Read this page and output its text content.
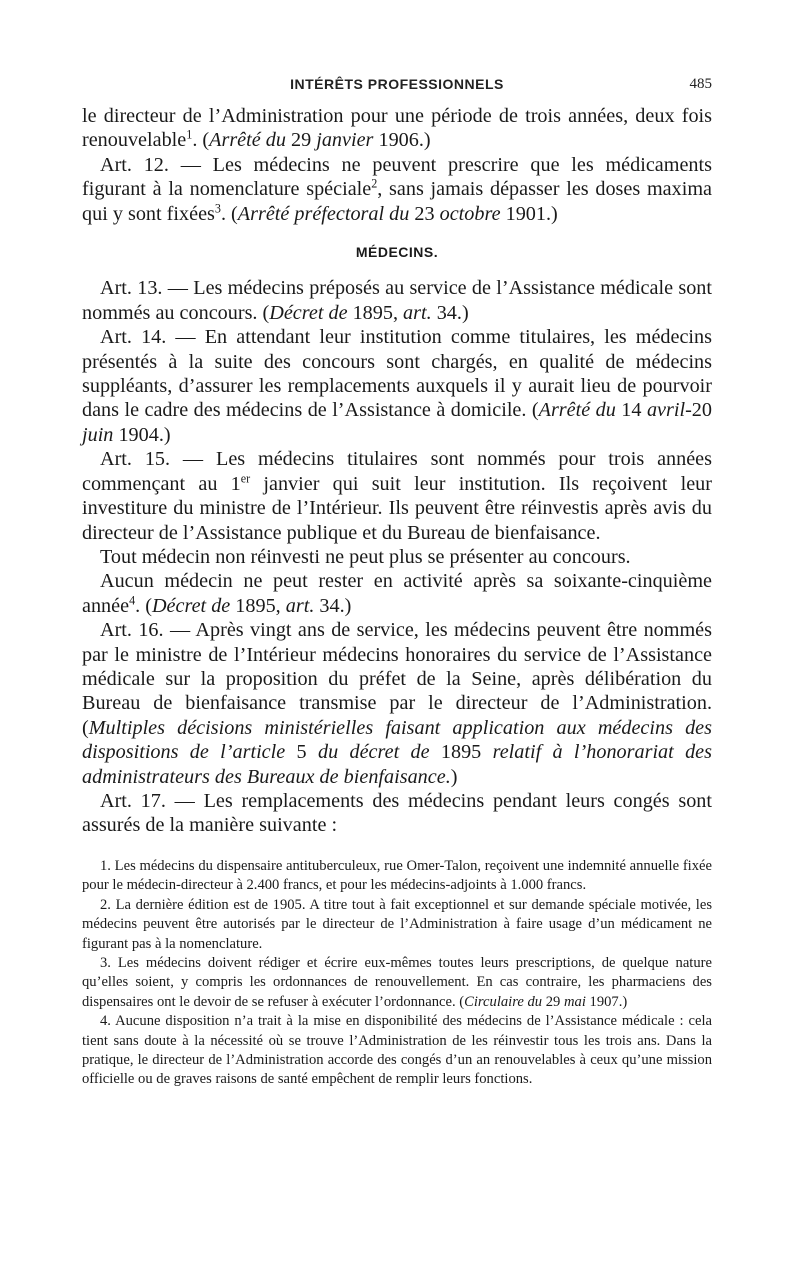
INTÉRÊTS PROFESSIONNELS	485

le directeur de l’Administration pour une période de trois années, deux fois renouvelable$^1$. (Arrêté du 29 janvier 1906.)

Art. 12. — Les médecins ne peuvent prescrire que les médicaments figurant à la nomenclature spéciale$^2$, sans jamais dépasser les doses maxima qui y sont fixées$^3$. (Arrêté préfectoral du 23 octobre 1901.)

MÉDECINS.

Art. 13. — Les médecins préposés au service de l’Assistance médicale sont nommés au concours. (Décret de 1895, art. 34.)

Art. 14. — En attendant leur institution comme titulaires, les médecins présentés à la suite des concours sont chargés, en qualité de médecins suppléants, d’assurer les remplacements auxquels il y aurait lieu de pourvoir dans le cadre des médecins de l’Assistance à domicile. (Arrêté du 14 avril-20 juin 1904.)

Art. 15. — Les médecins titulaires sont nommés pour trois années commençant au 1er janvier qui suit leur institution. Ils reçoivent leur investiture du ministre de l’Intérieur. Ils peuvent être réinvestis après avis du directeur de l’Assistance publique et du Bureau de bienfaisance.

Tout médecin non réinvesti ne peut plus se présenter au concours.

Aucun médecin ne peut rester en activité après sa soixante-cinquième année$^4$. (Décret de 1895, art. 34.)

Art. 16. — Après vingt ans de service, les médecins peuvent être nommés par le ministre de l’Intérieur médecins honoraires du service de l’Assistance médicale sur la proposition du préfet de la Seine, après délibération du Bureau de bienfaisance transmise par le directeur de l’Administration. (Multiples décisions ministérielles faisant application aux médecins des dispositions de l’article 5 du décret de 1895 relatif à l’honorariat des administrateurs des Bureaux de bienfaisance.)

Art. 17. — Les remplacements des médecins pendant leurs congés sont assurés de la manière suivante :

1. Les médecins du dispensaire antituberculeux, rue Omer-Talon, reçoivent une indemnité annuelle fixée pour le médecin-directeur à 2.400 francs, et pour les médecins-adjoints à 1.000 francs.

2. La dernière édition est de 1905. A titre tout à fait exceptionnel et sur demande spéciale motivée, les médecins peuvent être autorisés par le directeur de l’Administration à faire usage d’un médicament ne figurant pas à la nomenclature.

3. Les médecins doivent rédiger et écrire eux-mêmes toutes leurs prescriptions, de quelque nature qu’elles soient, y compris les ordonnances de renouvellement. En cas contraire, les pharmaciens des dispensaires ont le devoir de se refuser à exécuter l’ordonnance. (Circulaire du 29 mai 1907.)

4. Aucune disposition n’a trait à la mise en disponibilité des médecins de l’Assistance médicale : cela tient sans doute à la nécessité où se trouve l’Administration de les réinvestir tous les trois ans. Dans la pratique, le directeur de l’Administration accorde des congés d’un an renouvelables à ceux qu’une mission officielle ou de graves raisons de santé empêchent de remplir leurs fonctions.
